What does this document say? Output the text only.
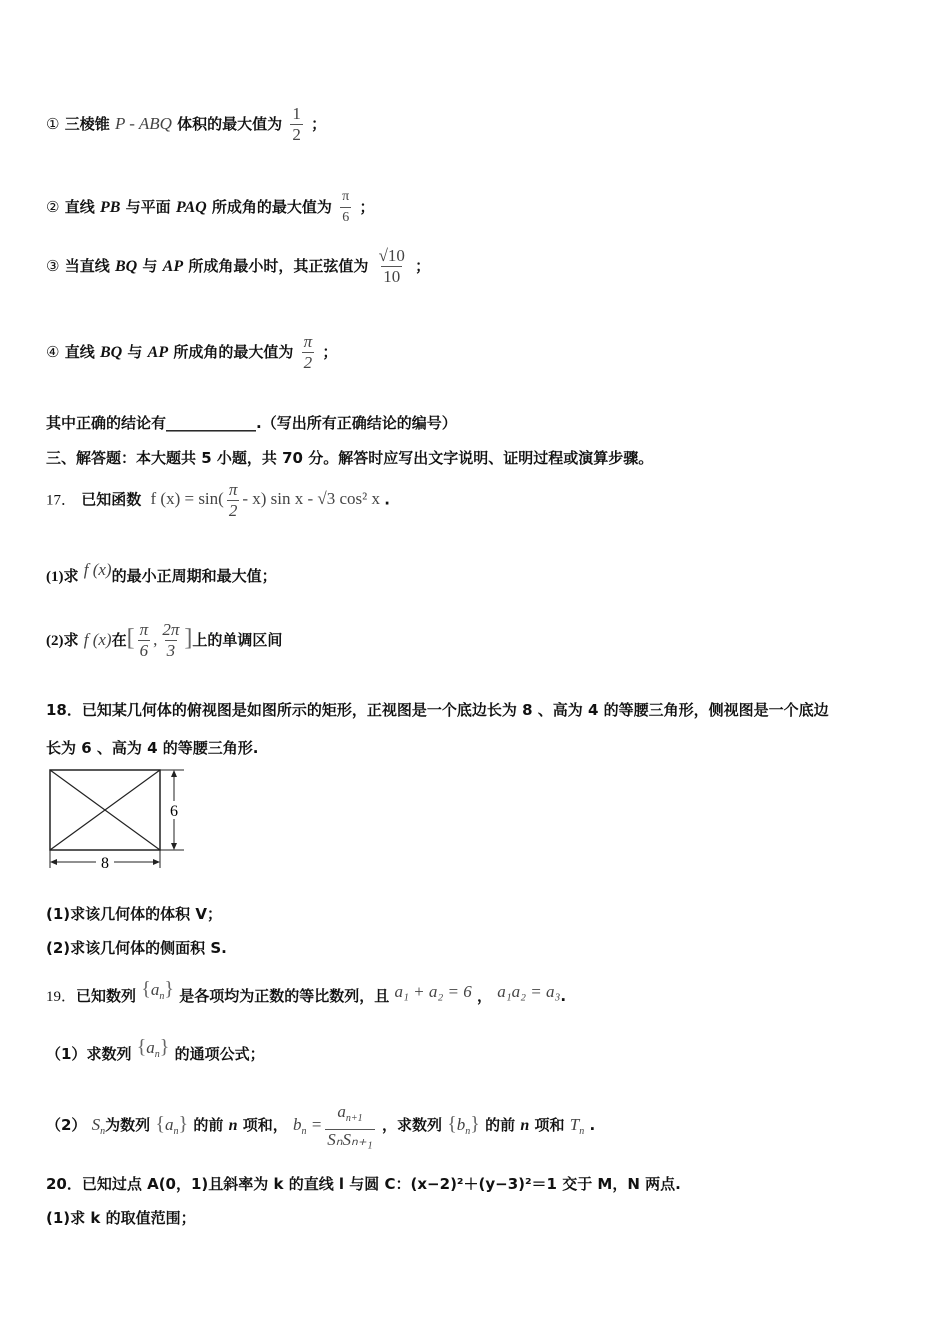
① 三棱锥 P - ABQ 体积的最大值为 $\frac{1}{2}$ ；
② 直线 PB 与平面 PAQ 所成角的最大值为 $\frac{\pi}{6}$ ；
③ 当直线 BQ 与 AP 所成角最小时，其正弦值为 $\frac{√10}{10}$ ；
④ 直线 BQ 与 AP 所成角的最大值为 $\frac{\pi}{2}$ ；
其中正确的结论有____________.（写出所有正确结论的编号）
三、解答题：本大题共 5 小题，共 70 分。解答时应写出文字说明、证明过程或演算步骤。
17． 已知函数 f $(x) = \sin( \frac{\pi}{2} - x)$ sin x - √3 cos² x .
(1)求 f (x)的最小正周期和最大值；
(2)求 f (x)在[ $\frac{\pi}{6}$ , $\frac{2\pi}{3}$ ]上的单调区间
18．已知某几何体的俯视图是如图所示的矩形，正视图是一个底边长为 8 、高为 4 的等腰三角形，侧视图是一个底边
长为 6 、高为 4 的等腰三角形.
6
8
(1)求该几何体的体积 V；
(2)求该几何体的侧面积 S.
19．已知数列 $\{a_n\}$ 是各项均为正数的等比数列，且 a₁ + a₂ = 6 ， a₁a₂ = a₃.
（1）求数列 $\{a_n\}$ 的通项公式；
（2） $S_n$为数列 $\{a_n\}$ 的前 n 项和， $b_n = \frac{a_{n+1}}{\text{SₙSₙ₊₁}}$ ，求数列 $\{b_n\}$ 的前 n 项和 $T_n$ .
20．已知过点 A(0，1)且斜率为 k 的直线 l 与圆 C：(x−2)²＋(y−3)²＝1 交于 M，N 两点.
(1)求 k 的取值范围；
